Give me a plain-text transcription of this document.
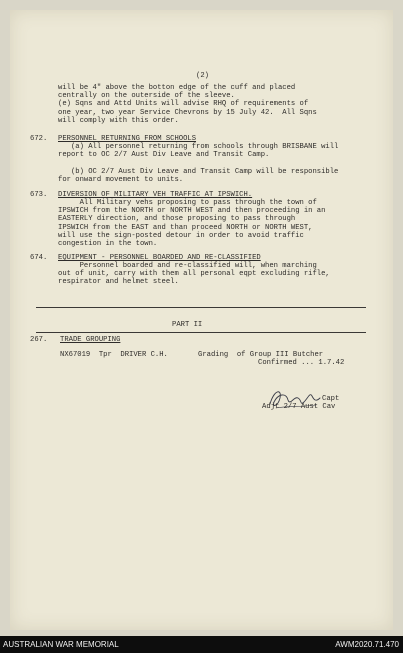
(2)
will be 4" above the botton edge of the cuff and placed
centrally on the outerside of the sleeve.
(e) Sqns and Attd Units will advise RHQ of requirements of
one year, two year Service Chevrons by 15 July 42.  All Sqns
will comply with this order.
672. PERSONNEL RETURNING FROM SCHOOLS
(a) All personnel returning from schools through BRISBANE will
report to OC 2/7 Aust Div Leave and Transit Camp.

(b) OC 2/7 Aust Div Leave and Transit Camp will be responsible
for onward movement to units.
673. DIVERSION OF MILITARY VEH TRAFFIC AT IPSWICH.
All Military vehs proposing to pass through the town of
IPSWICH from the NORTH or NORTH WEST and then proceeding in an
EASTERLY direction, and those proposing to pass through
IPSWICH from the EAST and than proceed NORTH or NORTH WEST,
will use the sign-posted detour in order to avoid traffic
congestion in the town.
674. EQUIPMENT - PERSONNEL BOARDED AND RE-CLASSIFIED
Personnel boarded and re-classified will, when marching
out of unit, carry with them all personal eqpt excluding rifle,
respirator and helmet steel.
PART II
267. TRADE GROUPING
NX67019  Tpr  DRIVER C.H.       Grading  of Group III Butcher
Confirmed ... 1.7.42
Capt
Adjt 2/7 Aust Cav
AUSTRALIAN WAR MEMORIAL	AWM2020.71.470
